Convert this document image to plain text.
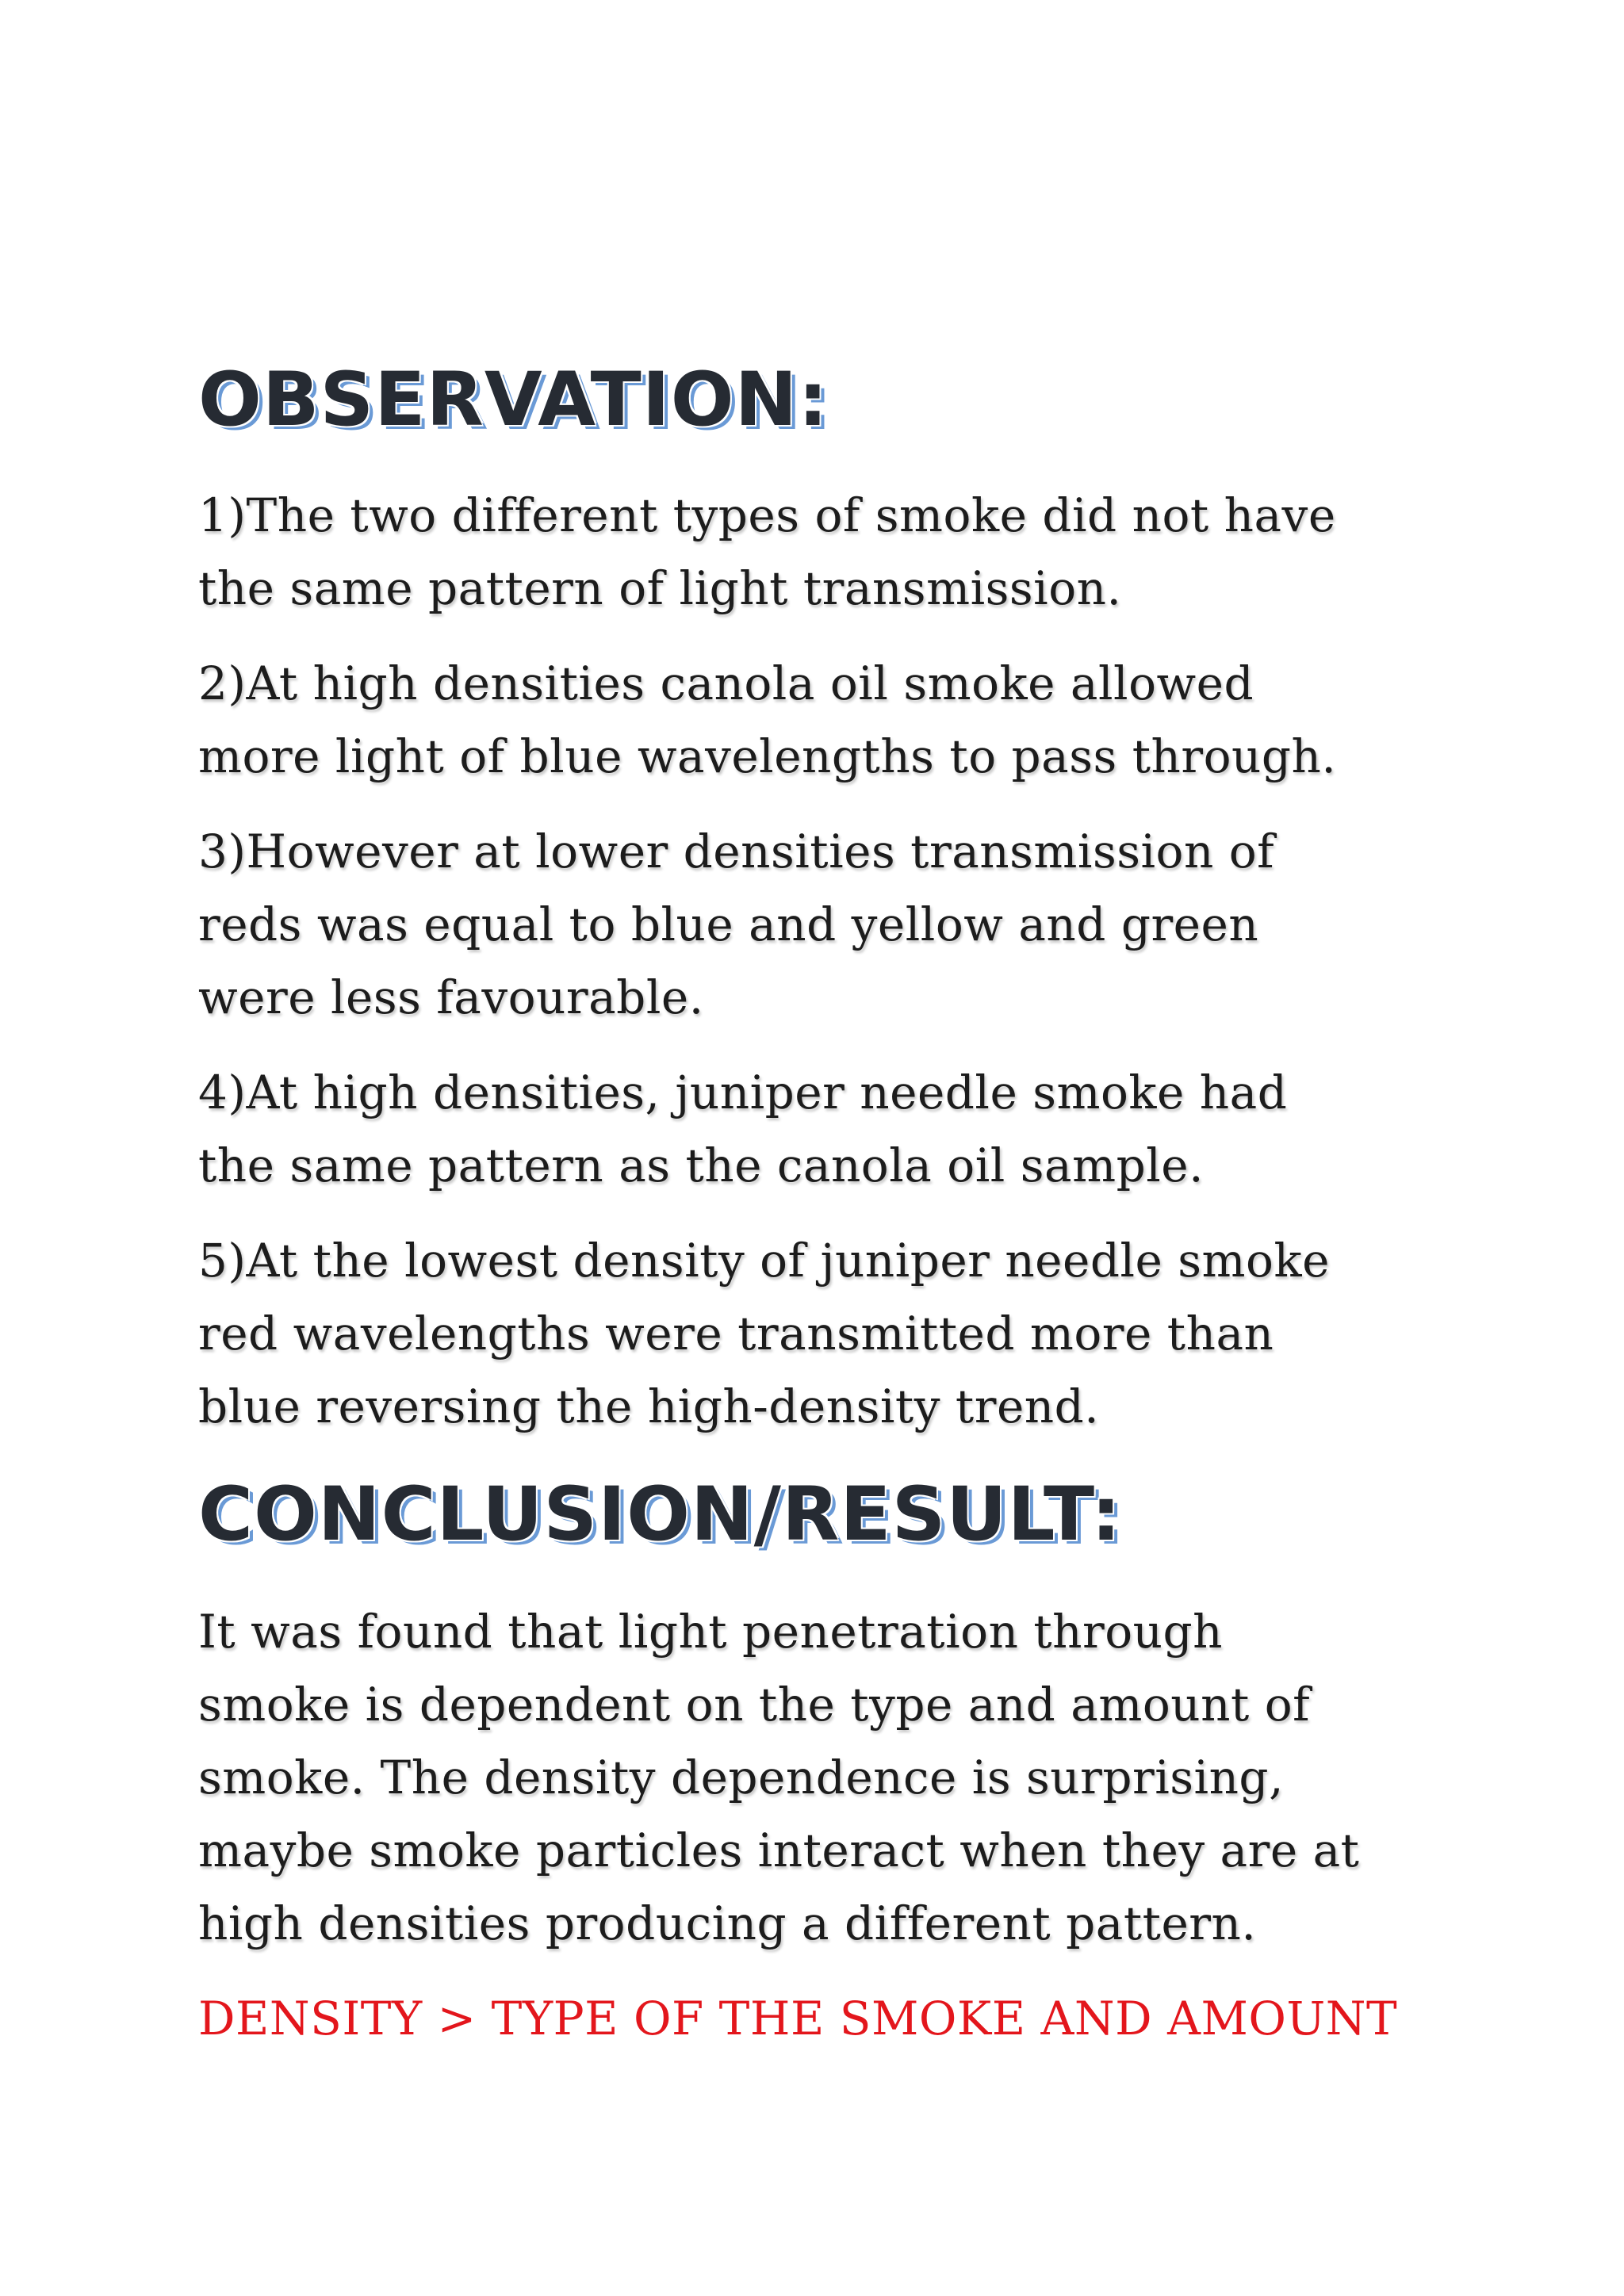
OBSERVATION:

1)The two different types of smoke did not have
the same pattern of light transmission.

2)At high densities canola oil smoke allowed
more light of blue wavelengths to pass through.

3)However at lower densities transmission of
reds was equal to blue and yellow and green
were less favourable.

4)At high densities, juniper needle smoke had
the same pattern as the canola oil sample.

5)At the lowest density of juniper needle smoke
red wavelengths were transmitted more than
blue reversing the high-density trend.

CONCLUSION/RESULT:

It was found that light penetration through
smoke is dependent on the type and amount of
smoke. The density dependence is surprising,
maybe smoke particles interact when they are at
high densities producing a different pattern.

DENSITY > TYPE OF THE SMOKE AND AMOUNT
